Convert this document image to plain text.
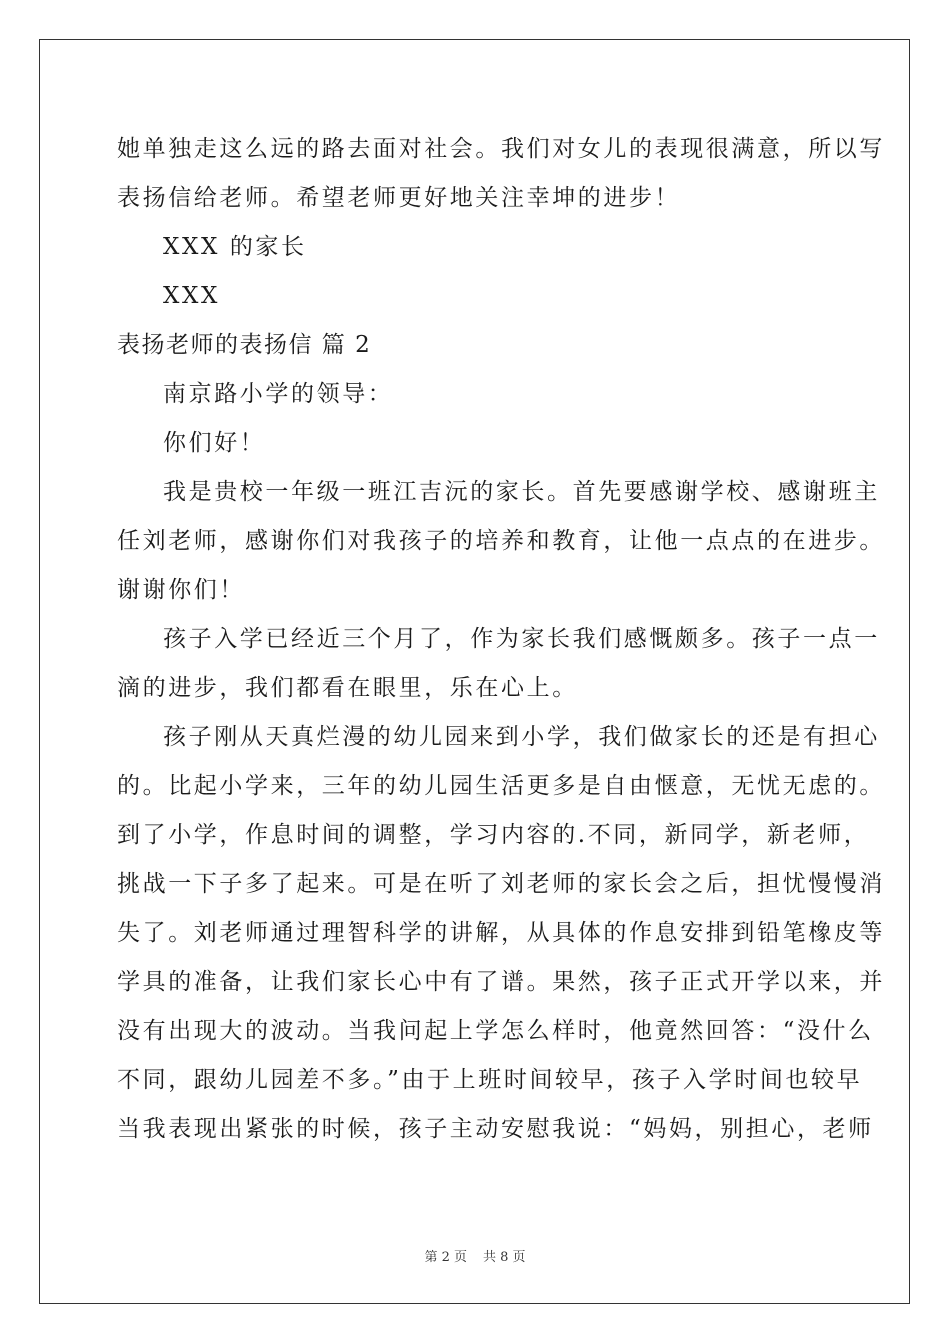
她单独走这么远的路去面对社会。我们对女儿的表现很满意，所以写
表扬信给老师。希望老师更好地关注幸坤的进步！
XXX 的家长
XXX
表扬老师的表扬信 篇 2
南京路小学的领导：
你们好！
我是贵校一年级一班江吉沅的家长。首先要感谢学校、感谢班主
任刘老师，感谢你们对我孩子的培养和教育，让他一点点的在进步。
谢谢你们！
孩子入学已经近三个月了，作为家长我们感慨颇多。孩子一点一
滴的进步，我们都看在眼里，乐在心上。
孩子刚从天真烂漫的幼儿园来到小学，我们做家长的还是有担心
的。比起小学来，三年的幼儿园生活更多是自由惬意，无忧无虑的。
到了小学，作息时间的调整，学习内容的.不同，新同学，新老师，
挑战一下子多了起来。可是在听了刘老师的家长会之后，担忧慢慢消
失了。刘老师通过理智科学的讲解，从具体的作息安排到铅笔橡皮等
学具的准备，让我们家长心中有了谱。果然，孩子正式开学以来，并
没有出现大的波动。当我问起上学怎么样时，他竟然回答：“没什么
不同，跟幼儿园差不多。”由于上班时间较早，孩子入学时间也较早
当我表现出紧张的时候，孩子主动安慰我说：“妈妈，别担心，老师
第 2 页 共 8 页
